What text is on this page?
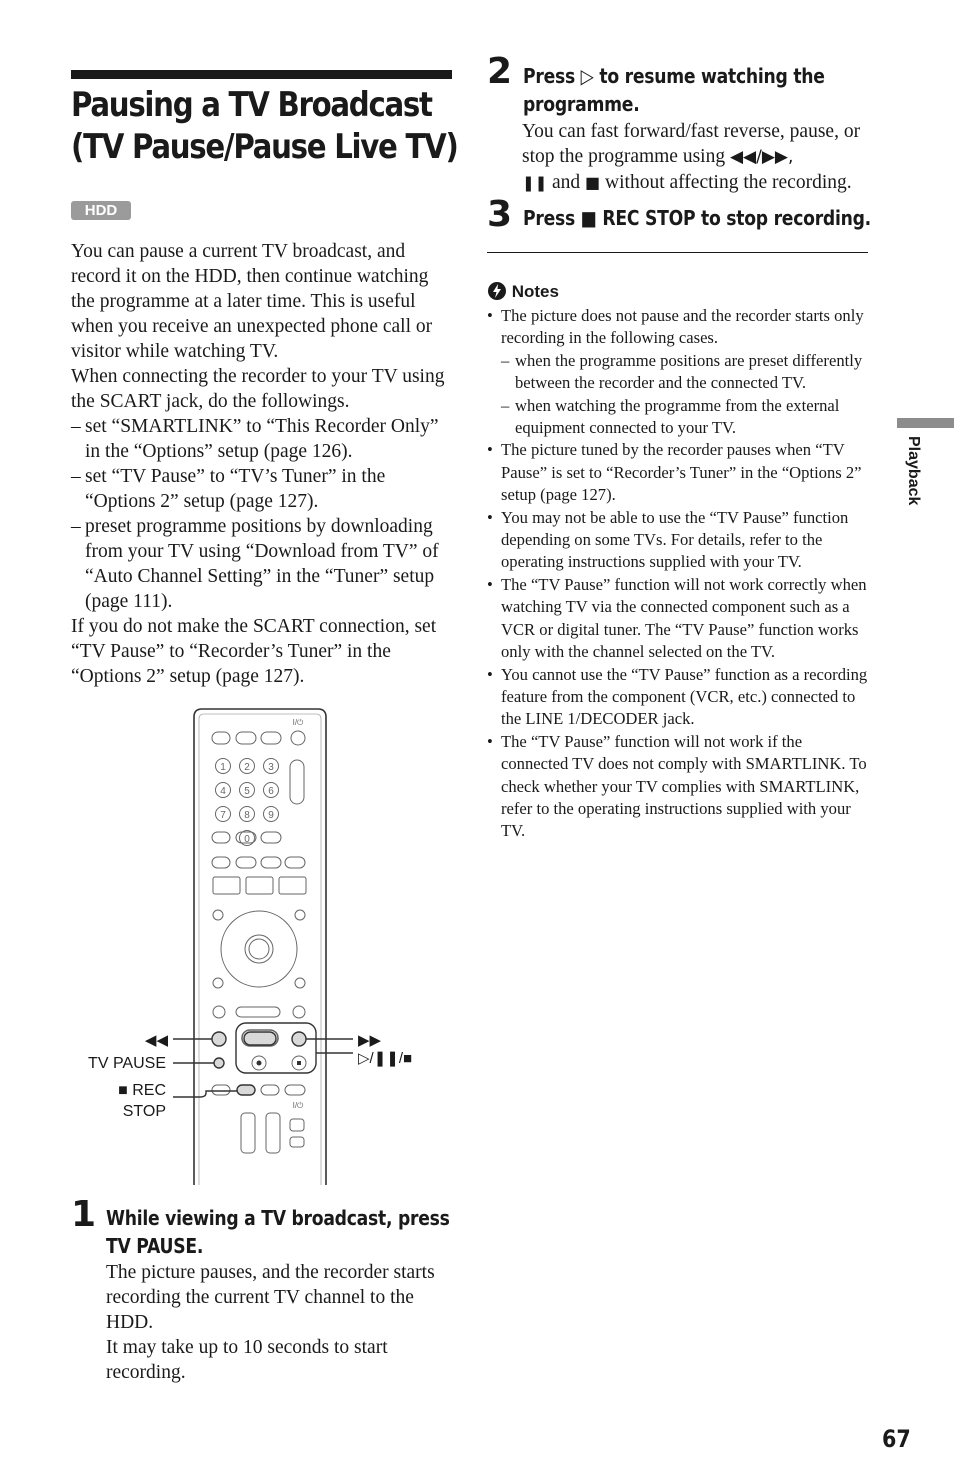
Pausing a TV Broadcast
(TV Pause/Pause Live TV)
HDD

You can pause a current TV broadcast, and record it on the HDD, then continue watching the programme at a later time. This is useful when you receive an unexpected phone call or visitor while watching TV.

When connecting the recorder to your TV using the SCART jack, do the followings.

– set “SMARTLINK” to “This Recorder Only” in the “Options” setup (page 126).
– set “TV Pause” to “TV’s Tuner” in the “Options 2” setup (page 127).
– preset programme positions by downloading from your TV using “Download from TV” of “Auto Channel Setting” in the “Tuner” setup (page 111).

If you do not make the SCART connection, set “TV Pause” to “Recorder’s Tuner” in the “Options 2” setup (page 127).

1 2 3
4 5 6
7 8 9
0
I/⏻
I/⏻
◀◀
TV PAUSE
■ REC
STOP
▶▶
▷/❚❚/■
1 While viewing a TV broadcast, press
TV PAUSE.
The picture pauses, and the recorder starts recording the current TV channel to the HDD.
It may take up to 10 seconds to start recording.
2 Press ▷ to resume watching the
programme.
You can fast forward/fast reverse, pause, or stop the programme using ◀◀/▶▶,
❚❚ and ■ without affecting the recording.
3 Press ■ REC STOP to stop recording.
Notes
• The picture does not pause and the recorder starts only recording in the following cases.
– when the programme positions are preset differently between the recorder and the connected TV.
– when watching the programme from the external equipment connected to your TV.
• The picture tuned by the recorder pauses when “TV Pause” is set to “Recorder’s Tuner” in the “Options 2” setup (page 127).
• You may not be able to use the “TV Pause” function depending on some TVs. For details, refer to the operating instructions supplied with your TV.
• The “TV Pause” function will not work correctly when watching TV via the connected component such as a VCR or digital tuner. The “TV Pause” function works only with the channel selected on the TV.
• You cannot use the “TV Pause” function as a recording feature from the component (VCR, etc.) connected to the LINE 1/DECODER jack.
• The “TV Pause” function will not work if the connected TV does not comply with SMARTLINK. To check whether your TV complies with SMARTLINK, refer to the operating instructions supplied with your TV.
Playback
67
